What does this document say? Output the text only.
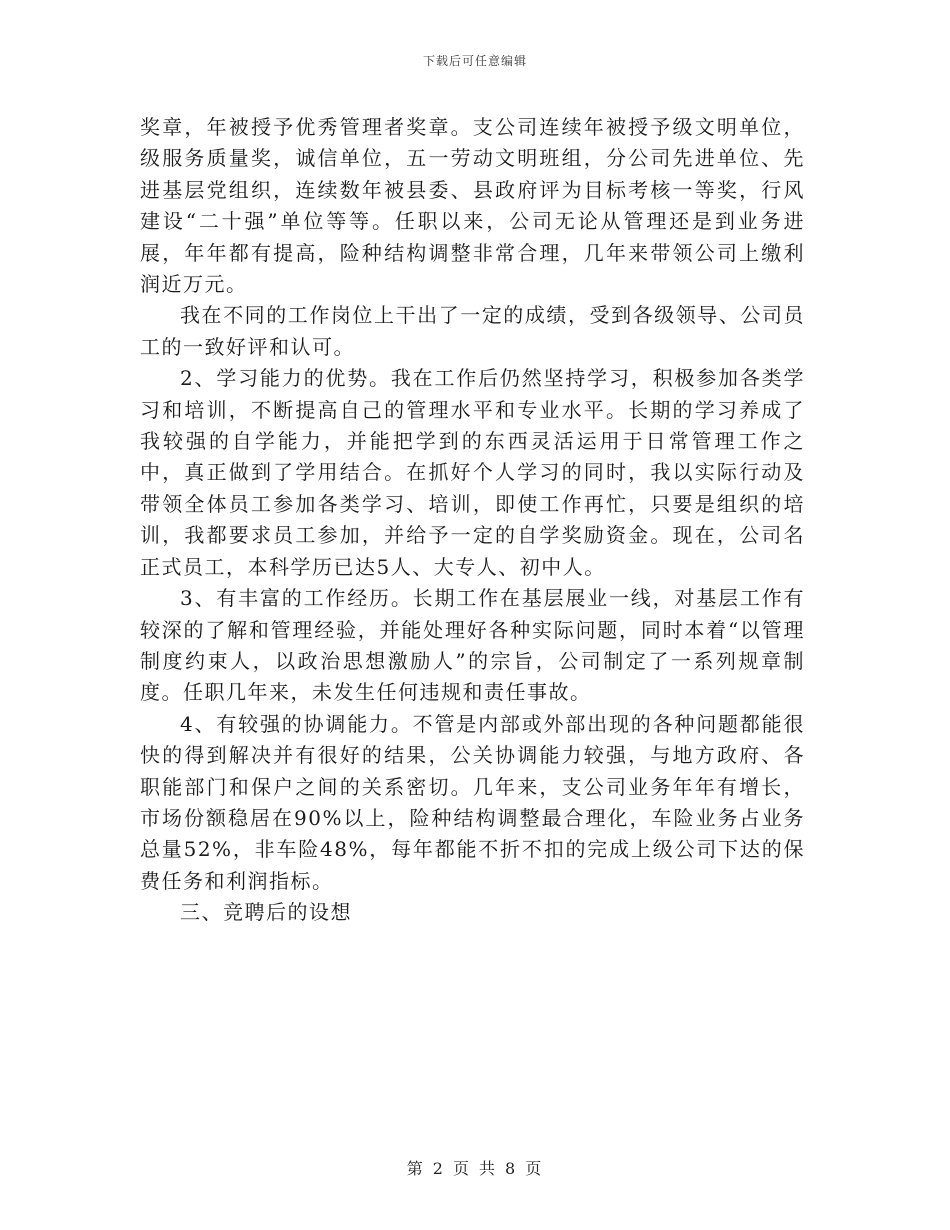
下载后可任意编辑

奖章，年被授予优秀管理者奖章。支公司连续年被授予级文明单位，级服务质量奖，诚信单位，五一劳动文明班组，分公司先进单位、先进基层党组织，连续数年被县委、县政府评为目标考核一等奖，行风建设“二十强”单位等等。任职以来，公司无论从管理还是到业务进展，年年都有提高，险种结构调整非常合理，几年来带领公司上缴利润近万元。

我在不同的工作岗位上干出了一定的成绩，受到各级领导、公司员工的一致好评和认可。

2、学习能力的优势。我在工作后仍然坚持学习，积极参加各类学习和培训，不断提高自己的管理水平和专业水平。长期的学习养成了我较强的自学能力，并能把学到的东西灵活运用于日常管理工作之中，真正做到了学用结合。在抓好个人学习的同时，我以实际行动及带领全体员工参加各类学习、培训，即使工作再忙，只要是组织的培训，我都要求员工参加，并给予一定的自学奖励资金。现在，公司名正式员工，本科学历已达5人、大专人、初中人。

3、有丰富的工作经历。长期工作在基层展业一线，对基层工作有较深的了解和管理经验，并能处理好各种实际问题，同时本着“以管理制度约束人，以政治思想激励人”的宗旨，公司制定了一系列规章制度。任职几年来，未发生任何违规和责任事故。

4、有较强的协调能力。不管是内部或外部出现的各种问题都能很快的得到解决并有很好的结果，公关协调能力较强，与地方政府、各职能部门和保户之间的关系密切。几年来，支公司业务年年有增长，市场份额稳居在90%以上，险种结构调整最合理化，车险业务占业务总量52%，非车险48%，每年都能不折不扣的完成上级公司下达的保费任务和利润指标。

三、竞聘后的设想

第 2 页 共 8 页
